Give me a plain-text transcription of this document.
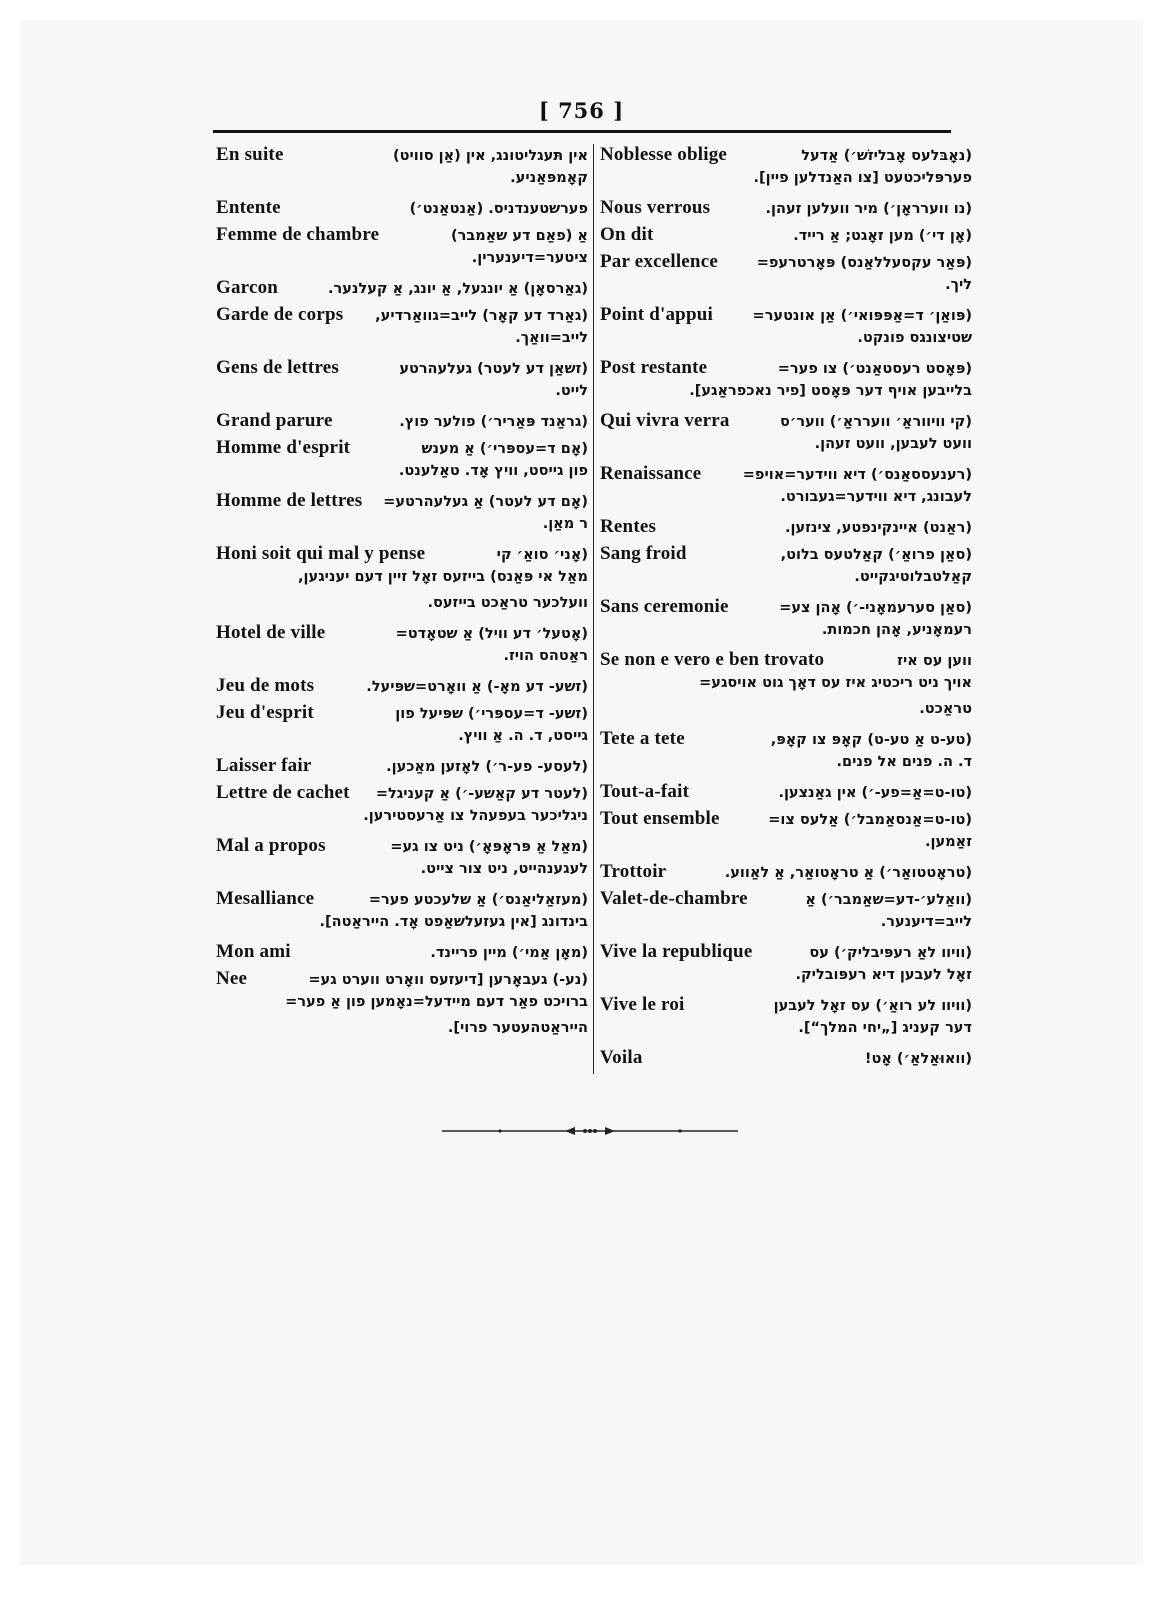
[ 756 ]
En suite	אין תּעגליטונג, אין (אַן סוויט)
קאָמפּאַניע.
Entente	פערשטענדניס. (אַנטאַנט׳)
Femme de chambre	אַ (פאַם דע שאַמבר)
ציטער=דיענערין.
Garcon	(גאַרסאָן) אַ יונגעל, אַ יונג, אַ קעלנער.
Garde de corps (גאַרד דע קאָר) לייב=גוואַרדיע,
לייב=וואַך.
Gens de lettres	(זשאַן דע לעטר) געלעהרטע
לייט.
Grand parure	(גראַנד פּאַריר׳) פולער פוץ.
Homme d'esprit	(אָם ד=עספּרי׳) אַ מענש
פון גייסט, וויץ אָד. טאַלענט.
Homme de lettres (אָם דע לעטר) אַ געלעהרטע=
ר מאַן.
Honi soit qui mal y pense	(אָני׳ סואַ׳ קי
מאַל אי פּאַנס) בייזעס זאָל זיין דעם יעניגען,
וועלכער טראַכט בייזעס.
Hotel de ville	(אָטעל׳ דע וויל) אַ שטאָדט=
ראַטהס הויז.
Jeu de mots	(זשע- דע מאָ-) אַ וואָרט=שפּיעל.
Jeu d'esprit	(זשע- ד=עספּרי׳) שפּיעל פון
גייסט, ד. ה. אַ וויץ.
Laisser fair	(לעסע- פע-ר׳) לאָזען מאַכען.
Lettre de cachet (לעטר דע קאַשע-׳) אַ קעניגל=
ניגליכער בעפעהל צו אַרעסטירען.
Mal a propos	(מאַל אַ פּראָפּאָ׳) ניט צו גע=
לעגענהייט, ניט צור צייט.
Mesalliance	(מעזאַליאַנס׳) אַ שלעכטע פער=
בינדונג [אין געזעלשאַפט אָד. הייראַטה].
Mon ami	(מאָן אַמי׳) מיין פריינד.
Nee	(נע-) געבאָרען [דיעזעס וואָרט ווערט גע=
ברויכט פאַר דעם מיידעל=נאָמען פון אַ פער=
הייראַטהעטער פרוי].
Noblesse oblige	(נאָבּלעס אָבליזשׁ׳) אַדעל
פערפּליכטעט [צו האַנדלען פיין].
Nous verrous	(נו ווערראָן׳) מיר וועלען זעהן.
On dit	(אָן די׳) מען זאָגט; אַ רייד.
Par excellence	(פּאַר עקסעללאַנס) פּאָרטרעפ=
ליך.
Point d'appui	(פּואַן׳ ד=אַפּפּואי׳) אַן אונטער=
שטיצונגס פונקט.
Post restante	(פּאָסט רעסטאַנט׳) צו פער=
בלייבען אויף דער פּאָסט [פיר נאכפראַגע].
Qui vivra verra	(קי וויווראַ׳ ווערראַ׳) ווער׳ס
וועט לעבען, וועט זעהן.
Renaissance	(רענעססאַנס׳) דיא ווידער=אויפ=
לעבונג, דיא ווידער=געבורט.
Rentes	(ראַנט) איינקינפטע, צינזען.
Sang froid	(סאַן פרואַ׳) קאַלטעס בלוט,
קאַלטבלוטיגקייט.
Sans ceremonie	(סאַן סערעמאָני-׳) אָהן צע=
רעמאָניע, אָהן חכמות.
Se non e vero e ben trovato	ווען עס איז
אויך ניט ריכטיג איז עס דאָך גוט אויסגע=
טראַכט.
Tete a tete	(טע-ט אַ טע-ט) קאָפּ צו קאָפּ,
ד. ה. פנים אל פנים.
Tout-a-fait	(טו-ט=אַ=פע-׳) אין גאַנצען.
Tout ensemble	(טו-ט=אַנסאַמבל׳) אַלעס צו=
זאַמען.
Trottoir	(טראָטטואַר׳) אַ טראָטואַר, אַ לאַווע.
Valet-de-chambre	(וואַלע׳-דע=שאַמבר׳) אַ
לייב=דיענער.
Vive la republique	(וויוו לאַ רעפּיבליק׳) עס
זאָל לעבען דיא רעפּובליק.
Vive le roi	(וויוו לע רואַ׳) עס זאָל לעבען
דער קעניג [„יחי המלך“].
Voila	(וואוּאַלאַ׳) אָט!
